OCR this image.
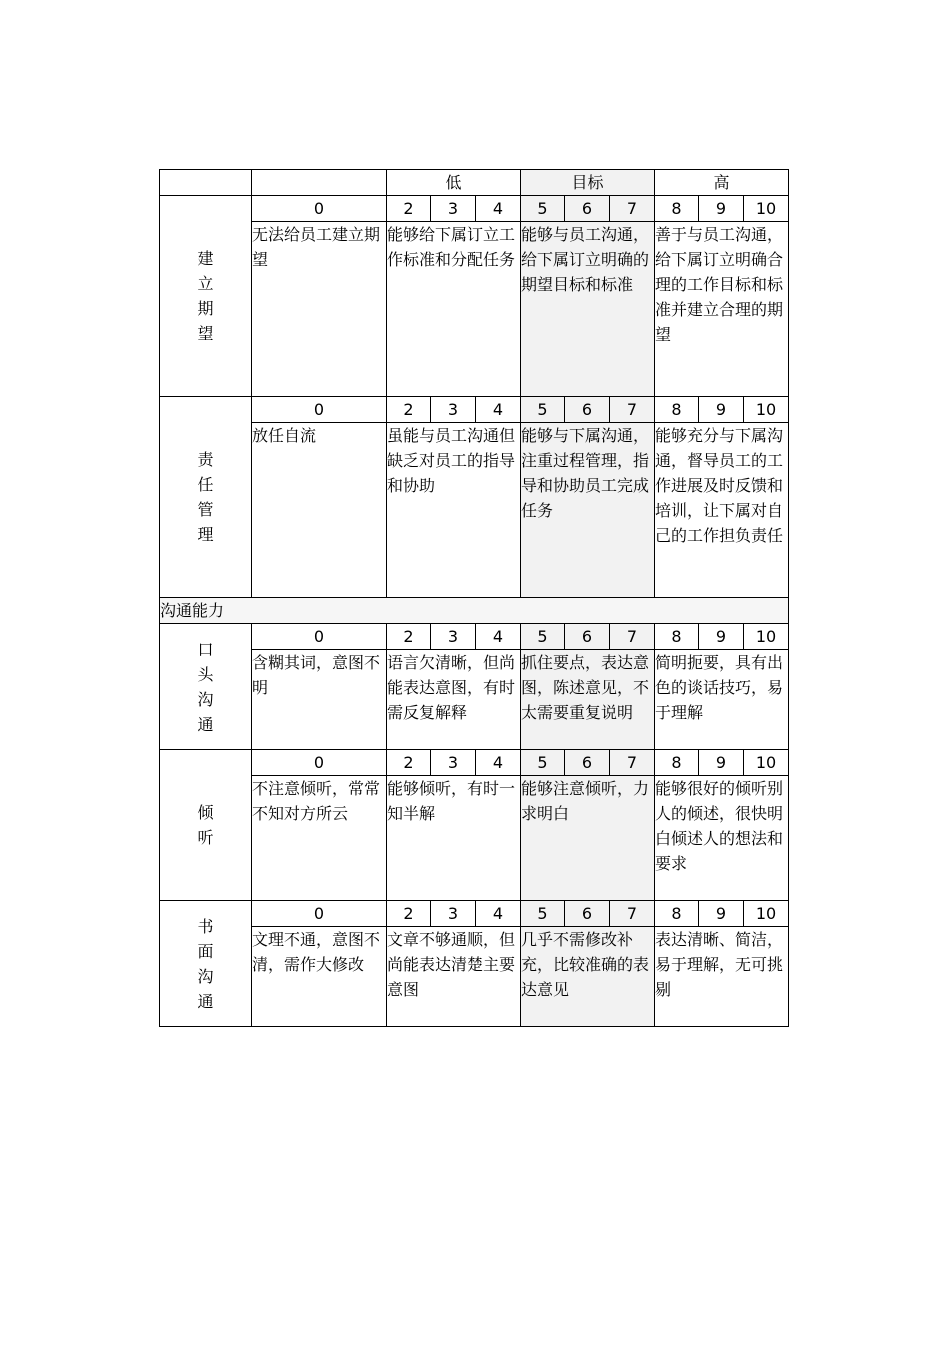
		低			目标			高		

建立期望	0	2	3	4	5	6	7	8	9	10
	无法给员工建立期望	能够给下属订立工作标准和分配任务			能够与员工沟通，给下属订立明确的期望目标和标准			善于与员工沟通，给下属订立明确合理的工作目标和标准并建立合理的期望		

责任管理	0	2	3	4	5	6	7	8	9	10
	放任自流	虽能与员工沟通但缺乏对员工的指导和协助			能够与下属沟通，注重过程管理，指导和协助员工完成任务			能够充分与下属沟通，督导员工的工作进展及时反馈和培训，让下属对自己的工作担负责任		
沟通能力										

口头沟通	0	2	3	4	5	6	7	8	9	10
	含糊其词，意图不明	语言欠清晰，但尚能表达意图，有时需反复解释			抓住要点，表达意图，陈述意见，不太需要重复说明			简明扼要，具有出色的谈话技巧，易于理解		

倾听	0	2	3	4	5	6	7	8	9	10
	不注意倾听，常常不知对方所云	能够倾听，有时一知半解			能够注意倾听，力求明白			能够很好的倾听别人的倾述，很快明白倾述人的想法和要求		

书面沟通	0	2	3	4	5	6	7	8	9	10
	文理不通，意图不清，需作大修改	文章不够通顺，但尚能表达清楚主要意图			几乎不需修改补充，比较准确的表达意见			表达清晰、简洁，易于理解，无可挑剔		
